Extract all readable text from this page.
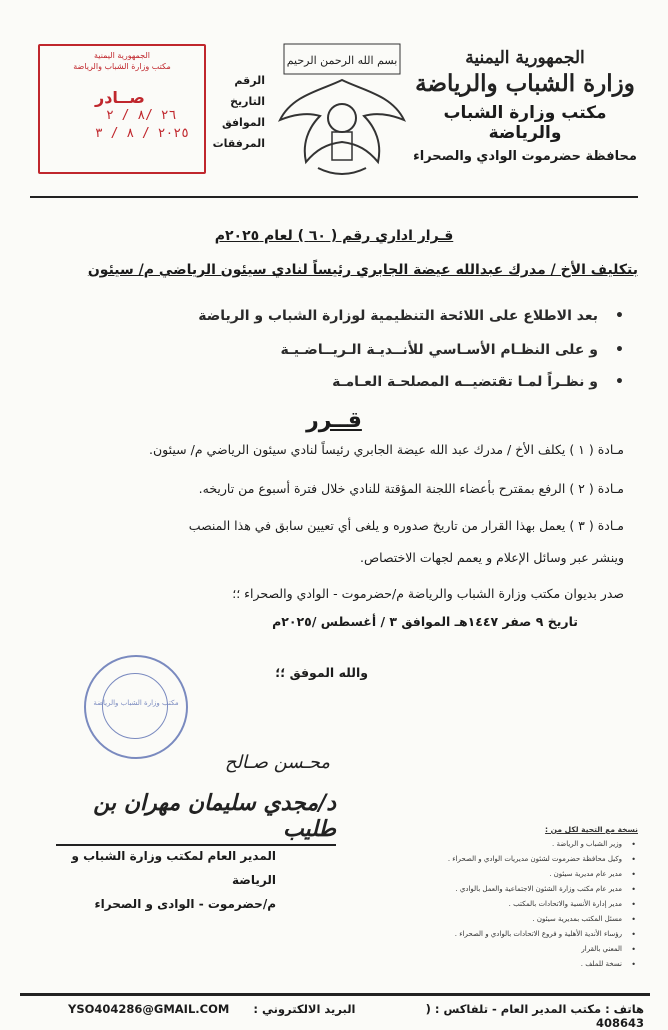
الجمهورية اليمنية
وزارة الشباب والرياضة
مكتب وزارة الشباب والرياضة
محافظة حضرموت الوادي والصحراء
بسم الله الرحمن الرحيم
الرقم
التاريخ
الموافق
المرفقات
الجمهورية اليمنية
مكتب وزارة الشباب والرياضة
صــادر
٢٦ /٨ / ٢
٢٠٢٥ / ٨ / ٣
قـرار اداري رقم ( ٦٠ ) لعام ٢٠٢٥م
بتكليف الأخ / مدرك عبدالله عيضة الجابري رئيساً لنادي سيئون الرياضي م/ سيئون
• بعد الاطلاع على اللائحة التنظيمية لوزارة الشباب و الرياضة
• و على النظـام الأسـاسي للأنــديـة الـريــاضـيـة
• و نظـراً لمـا تقتضيــه المصلحـة العـامـة
قــرر
مـادة ( ١ ) يكلف الأخ / مدرك عبد الله عيضة الجابري رئيساً لنادي سيئون الرياضي م/ سيئون.
مـادة ( ٢ ) الرفع بمقترح بأعضاء اللجنة المؤقتة للنادي خلال فترة أسبوع من تاريخه.
مـادة ( ٣ ) يعمل بهذا القرار من تاريخ صدوره و يلغى أي تعيين سابق في هذا المنصب
وينشر عبر وسائل الإعلام و يعمم لجهات الاختصاص.
صدر بديوان مكتب وزارة الشباب والرياضة م/حضرموت - الوادي والصحراء ؛؛
تاريخ ٩ صفر ١٤٤٧هـ الموافق ٣ / أغسطس /٢٠٢٥م
والله الموفق ؛؛
مكتب وزارة الشباب والرياضة
محـسن صـالح
د/مجدي سليمان مهران بن طليب
المدير العام لمكتب وزارة الشباب و الرياضة
م/حضرموت - الوادى و الصحراء
نسخة مع التحية لكل من :
• وزير الشباب و الرياضة .
• وكيل محافظة حضرموت لشئون مديريات الوادي و الصحراء .
• مدير عام مديرية سيئون .
• مدير عام مكتب وزارة الشئون الاجتماعية والعمل بالوادي .
• مدير إدارة الأنسية والاتحادات بالمكتب .
• مسئل المكتب بمديرية سيئون .
• رؤساء الأندية الأهلية و فروع الاتحادات بالوادي و الصحراء .
• المعني بالقرار
• نسخة للملف .
هاتف : مكتب المدير العام - تلفاكس : ( 408643
YSO404286@GMAIL.COM البريد الالكتروني :
